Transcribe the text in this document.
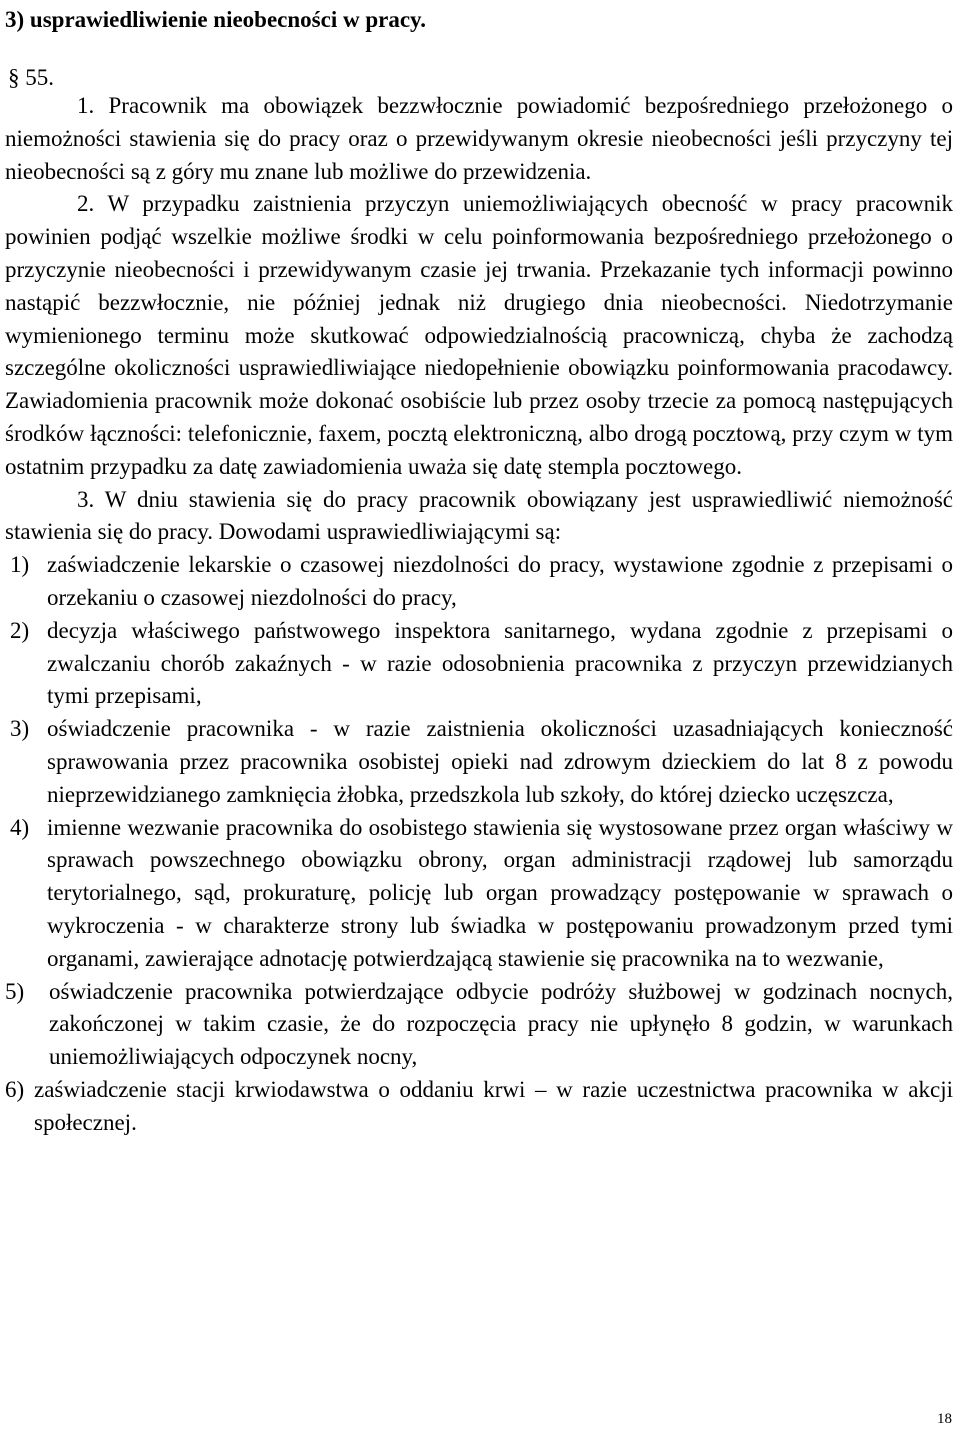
3) usprawiedliwienie nieobecności w pracy.
§ 55.

1. Pracownik ma obowiązek bezzwłocznie powiadomić bezpośredniego przełożonego o niemożności stawienia się do pracy oraz o przewidywanym okresie nieobecności jeśli przyczyny tej nieobecności są z góry mu znane lub możliwe do przewidzenia.

2. W przypadku zaistnienia przyczyn uniemożliwiających obecność w pracy pracownik powinien podjąć wszelkie możliwe środki w celu poinformowania bezpośredniego przełożonego o przyczynie nieobecności i przewidywanym czasie jej trwania. Przekazanie tych informacji powinno nastąpić bezzwłocznie, nie później jednak niż drugiego dnia nieobecności. Niedotrzymanie wymienionego terminu może skutkować odpowiedzialnością pracowniczą, chyba że zachodzą szczególne okoliczności usprawiedliwiające niedopełnienie obowiązku poinformowania pracodawcy. Zawiadomienia pracownik może dokonać osobiście lub przez osoby trzecie za pomocą następujących środków łączności: telefonicznie, faxem, pocztą elektroniczną, albo drogą pocztową, przy czym w tym ostatnim przypadku za datę zawiadomienia uważa się datę stempla pocztowego.

3. W dniu stawienia się do pracy pracownik obowiązany jest usprawiedliwić niemożność stawienia się do pracy. Dowodami usprawiedliwiającymi są:

1) zaświadczenie lekarskie o czasowej niezdolności do pracy, wystawione zgodnie z przepisami o orzekaniu o czasowej niezdolności do pracy,
2) decyzja właściwego państwowego inspektora sanitarnego, wydana zgodnie z przepisami o zwalczaniu chorób zakaźnych - w razie odosobnienia pracownika z przyczyn przewidzianych tymi przepisami,
3) oświadczenie pracownika - w razie zaistnienia okoliczności uzasadniających konieczność sprawowania przez pracownika osobistej opieki nad zdrowym dzieckiem do lat 8 z powodu nieprzewidzianego zamknięcia żłobka, przedszkola lub szkoły, do której dziecko uczęszcza,
4) imienne wezwanie pracownika do osobistego stawienia się wystosowane przez organ właściwy w sprawach powszechnego obowiązku obrony, organ administracji rządowej lub samorządu terytorialnego, sąd, prokuraturę, policję lub organ prowadzący postępowanie w sprawach o wykroczenia - w charakterze strony lub świadka w postępowaniu prowadzonym przed tymi organami, zawierające adnotację potwierdzającą stawienie się pracownika na to wezwanie,
5) oświadczenie pracownika potwierdzające odbycie podróży służbowej w godzinach nocnych, zakończonej w takim czasie, że do rozpoczęcia pracy nie upłynęło 8 godzin, w warunkach uniemożliwiających odpoczynek nocny,
6) zaświadczenie stacji krwiodawstwa o oddaniu krwi – w razie uczestnictwa pracownika w akcji społecznej.
18
